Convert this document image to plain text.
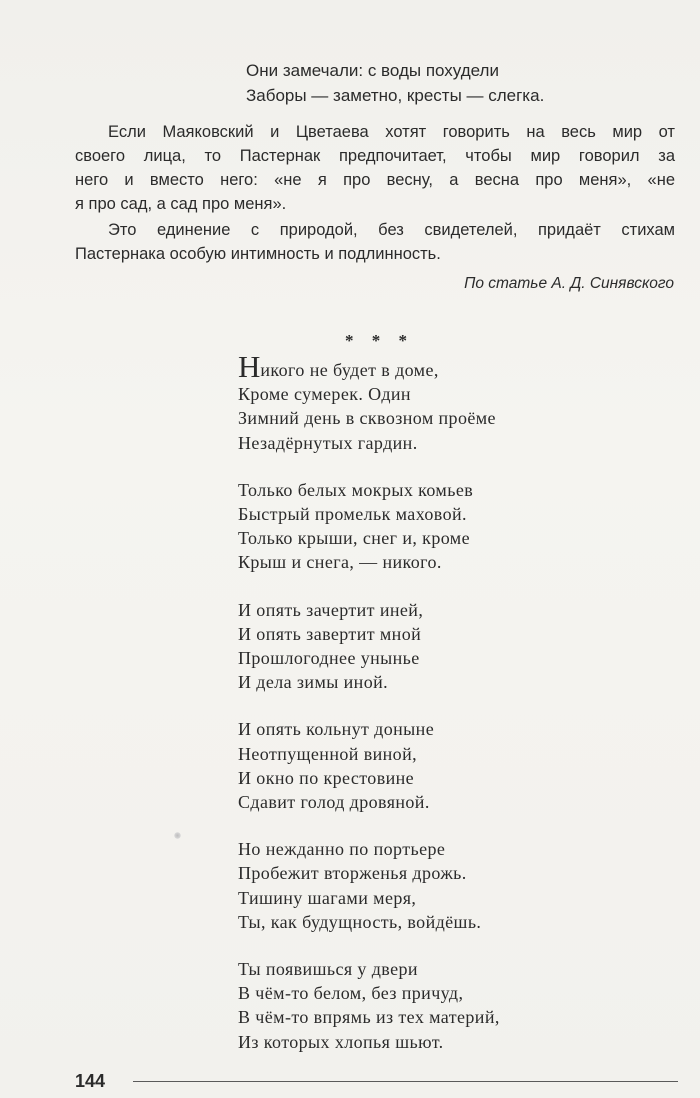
Они замечали: с воды похудели
Заборы — заметно, кресты — слегка.
Если Маяковский и Цветаева хотят говорить на весь мир от
своего лица, то Пастернак предпочитает, чтобы мир говорил за
него и вместо него: «не я про весну, а весна про меня», «не
я про сад, а сад про меня».
Это единение с природой, без свидетелей, придаёт стихам
Пастернака особую интимность и подлинность.
По статье А. Д. Синявского
* * *
Никого не будет в доме,
Кроме сумерек. Один
Зимний день в сквозном проёме
Незадёрнутых гардин.
Только белых мокрых комьев
Быстрый промельк маховой.
Только крыши, снег и, кроме
Крыш и снега, — никого.
И опять зачертит иней,
И опять завертит мной
Прошлогоднее унынье
И дела зимы иной.
И опять кольнут доныне
Неотпущенной виной,
И окно по крестовине
Сдавит голод дровяной.
Но нежданно по портьере
Пробежит вторженья дрожь.
Тишину шагами меря,
Ты, как будущность, войдёшь.
Ты появишься у двери
В чём-то белом, без причуд,
В чём-то впрямь из тех материй,
Из которых хлопья шьют.
144
